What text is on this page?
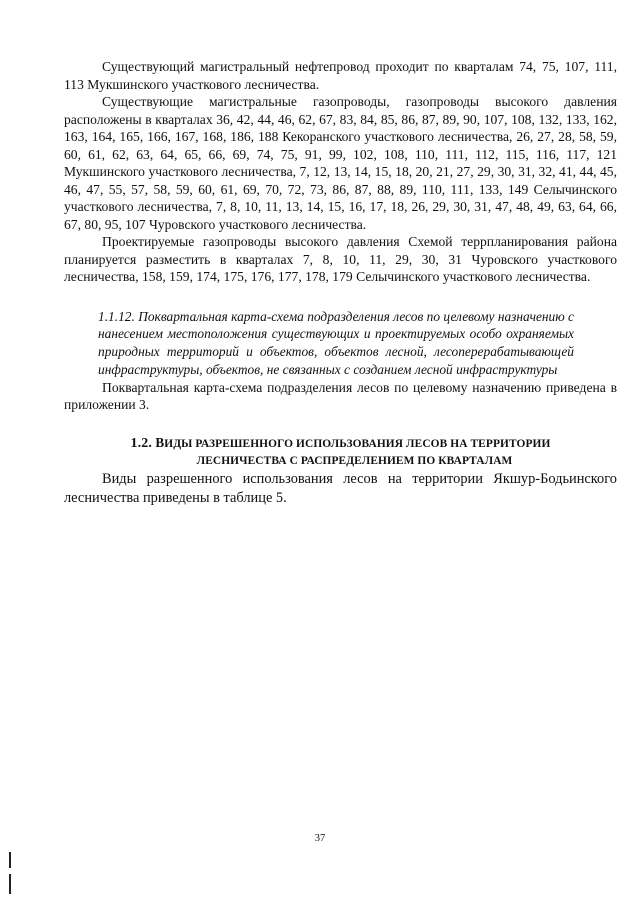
Существующий магистральный нефтепровод проходит по кварталам 74, 75, 107, 111, 113 Мукшинского участкового лесничества.

Существующие магистральные газопроводы, газопроводы высокого давления расположены в кварталах 36, 42, 44, 46, 62, 67, 83, 84, 85, 86, 87, 89, 90, 107, 108, 132, 133, 162, 163, 164, 165, 166, 167, 168, 186, 188 Кекоранского участкового лесничества, 26, 27, 28, 58, 59, 60, 61, 62, 63, 64, 65, 66, 69, 74, 75, 91, 99, 102, 108, 110, 111, 112, 115, 116, 117, 121 Мукшинского участкового лесничества, 7, 12, 13, 14, 15, 18, 20, 21, 27, 29, 30, 31, 32, 41, 44, 45, 46, 47, 55, 57, 58, 59, 60, 61, 69, 70, 72, 73, 86, 87, 88, 89, 110, 111, 133, 149 Селычинского участкового лесничества, 7, 8, 10, 11, 13, 14, 15, 16, 17, 18, 26, 29, 30, 31, 47, 48, 49, 63, 64, 66, 67, 80, 95, 107 Чуровского участкового лесничества.

Проектируемые газопроводы высокого давления Схемой террпланирования района планируется разместить в кварталах 7, 8, 10, 11, 29, 30, 31 Чуровского участкового лесничества, 158, 159, 174, 175, 176, 177, 178, 179 Селычинского участкового лесничества.

1.1.12. Поквартальная карта-схема подразделения лесов по целевому назначению с нанесением местоположения существующих и проектируемых особо охраняемых природных территорий и объектов, объектов лесной, лесоперерабатывающей инфраструктуры, объектов, не связанных с созданием лесной инфраструктуры

Поквартальная карта-схема подразделения лесов по целевому назначению приведена в приложении 3.

1.2. ВИДЫ РАЗРЕШЕННОГО ИСПОЛЬЗОВАНИЯ ЛЕСОВ НА ТЕРРИТОРИИ
ЛЕСНИЧЕСТВА С РАСПРЕДЕЛЕНИЕМ ПО КВАРТАЛАМ

Виды разрешенного использования лесов на территории Якшур-Бодьинского лесничества приведены в таблице 5.

37
